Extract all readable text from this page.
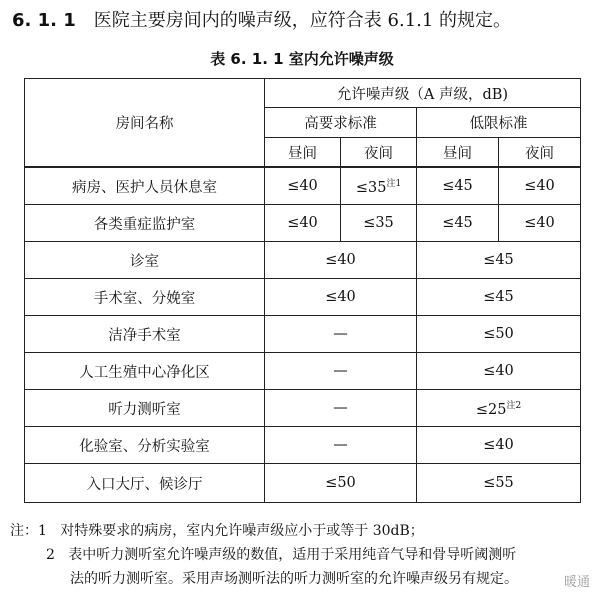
6. 1. 1 医院主要房间内的噪声级，应符合表 6.1.1 的规定。
表 6. 1. 1 室内允许噪声级
房间名称	允许噪声级（A 声级，dB)			
	高要求标准		低限标准	
	昼间	夜间	昼间	夜间
病房、医护人员休息室	≤40	$\le 35^{注1}$	≤45	≤40
各类重症监护室	≤40	≤35	≤45	≤40
诊室	≤40		≤45	
手术室、分娩室	≤40		≤45	
洁净手术室	—		≤50	
人工生殖中心净化区	—		≤40	
听力测听室	—		$\le 25^{注2}$
化验室、分析实验室	—		≤40	
入口大厅、候诊厅	≤50		≤55	
注：1 对特殊要求的病房，室内允许噪声级应小于或等于 30dB；
2 表中听力测听室允许噪声级的数值，适用于采用纯音气导和骨导听阈测听
法的听力测听室。采用声场测听法的听力测听室的允许噪声级另有规定。	暖通
